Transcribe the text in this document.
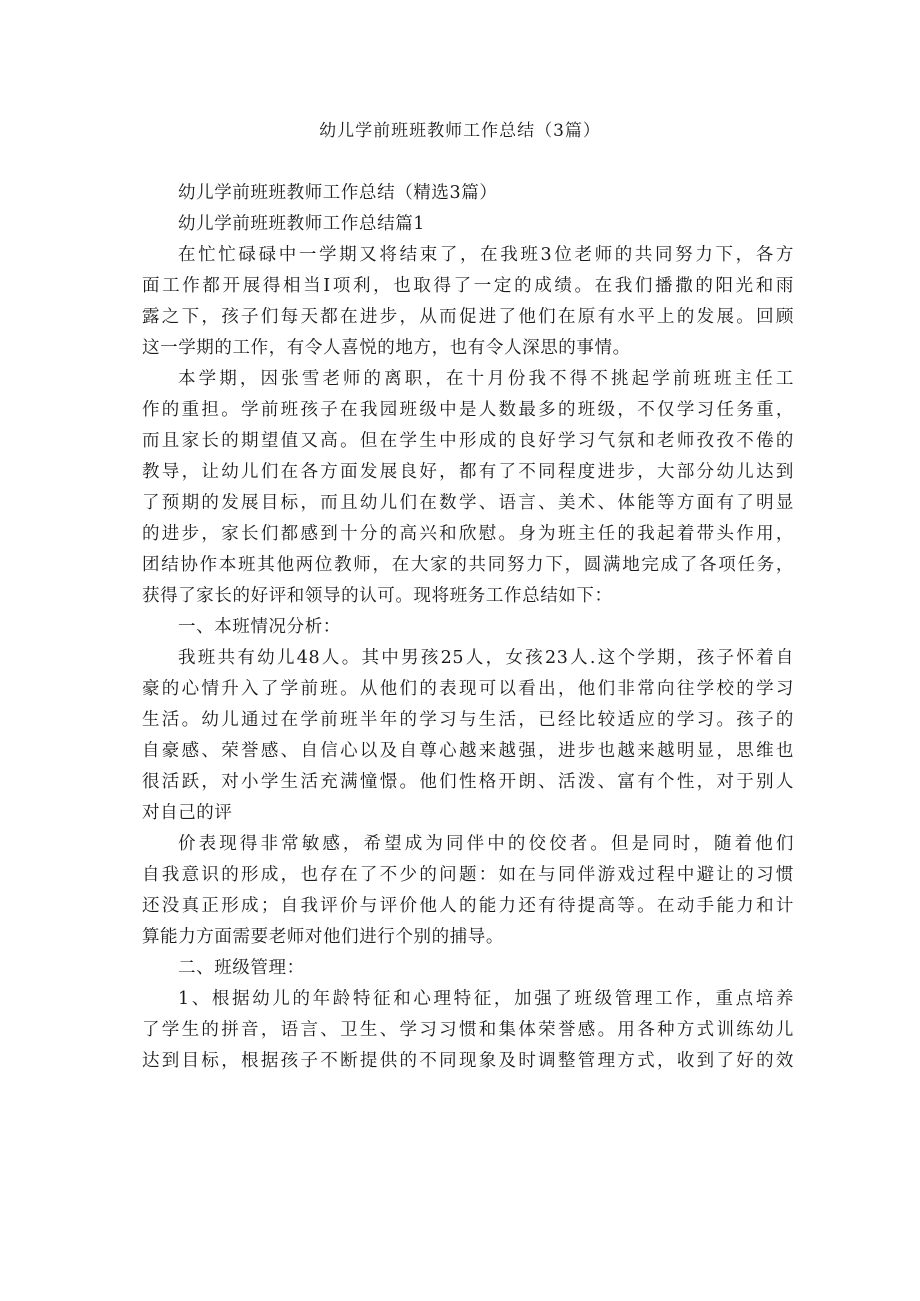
幼儿学前班班教师工作总结（3篇）
幼儿学前班班教师工作总结（精选3篇）
幼儿学前班班教师工作总结篇1
在忙忙碌碌中一学期又将结束了，在我班3位老师的共同努力下，各方
面工作都开展得相当I项利，也取得了一定的成绩。在我们播撒的阳光和雨
露之下，孩子们每天都在进步，从而促进了他们在原有水平上的发展。回顾
这一学期的工作，有令人喜悦的地方，也有令人深思的事情。
本学期，因张雪老师的离职，在十月份我不得不挑起学前班班主任工
作的重担。学前班孩子在我园班级中是人数最多的班级，不仅学习任务重，
而且家长的期望值又高。但在学生中形成的良好学习气氛和老师孜孜不倦的
教导，让幼儿们在各方面发展良好，都有了不同程度进步，大部分幼儿达到
了预期的发展目标，而且幼儿们在数学、语言、美术、体能等方面有了明显
的进步，家长们都感到十分的高兴和欣慰。身为班主任的我起着带头作用，
团结协作本班其他两位教师，在大家的共同努力下，圆满地完成了各项任务，
获得了家长的好评和领导的认可。现将班务工作总结如下：
一、本班情况分析：
我班共有幼儿48人。其中男孩25人，女孩23人.这个学期，孩子怀着自
豪的心情升入了学前班。从他们的表现可以看出，他们非常向往学校的学习
生活。幼儿通过在学前班半年的学习与生活，已经比较适应的学习。孩子的
自豪感、荣誉感、自信心以及自尊心越来越强，进步也越来越明显，思维也
很活跃，对小学生活充满憧憬。他们性格开朗、活泼、富有个性，对于别人
对自己的评
价表现得非常敏感，希望成为同伴中的佼佼者。但是同时，随着他们
自我意识的形成，也存在了不少的问题：如在与同伴游戏过程中避让的习惯
还没真正形成；自我评价与评价他人的能力还有待提高等。在动手能力和计
算能力方面需要老师对他们进行个别的捕导。
二、班级管理：
1、根据幼儿的年龄特征和心理特征，加强了班级管理工作，重点培养
了学生的拼音，语言、卫生、学习习惯和集体荣誉感。用各种方式训练幼儿
达到目标，根据孩子不断提供的不同现象及时调整管理方式，收到了好的效
